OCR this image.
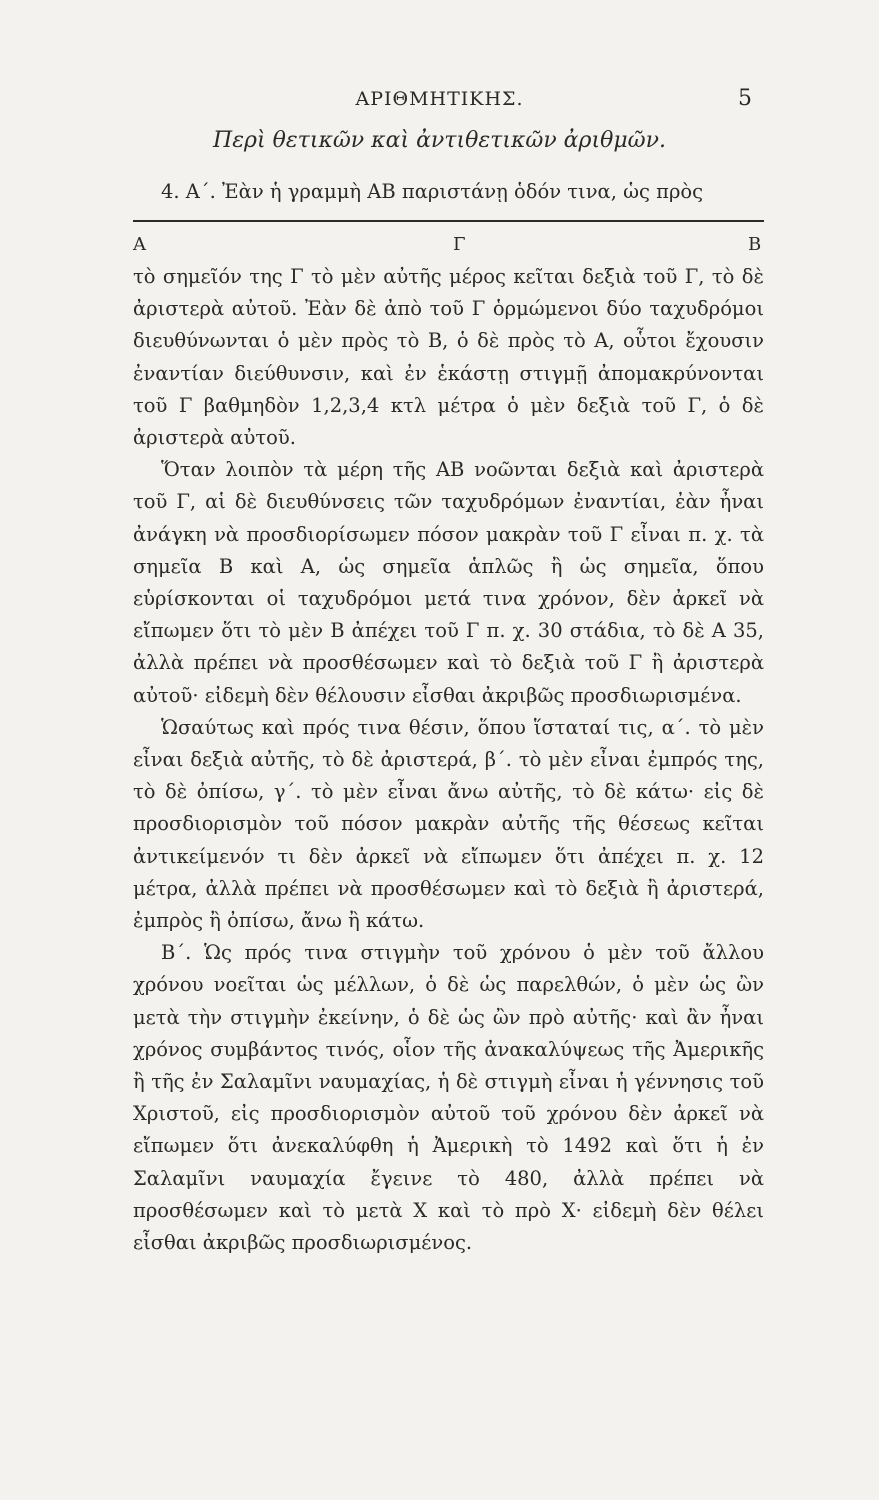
ΑΡΙΘΜΗΤΙΚΗΣ.	5
Περὶ θετικῶν καὶ ἀντιθετικῶν ἀριθμῶν.

4. Α΄. Ἐὰν ἡ γραμμὴ ΑΒ παριστάνῃ ὁδόν τινα, ὡς πρὸς

Α	Γ	Β

τὸ σημεῖόν της Γ τὸ μὲν αὐτῆς μέρος κεῖται δεξιὰ τοῦ Γ, τὸ δὲ ἀριστερὰ αὐτοῦ. Ἐὰν δὲ ἀπὸ τοῦ Γ ὁρμώμενοι δύο ταχυδρόμοι διευθύνωνται ὁ μὲν πρὸς τὸ Β, ὁ δὲ πρὸς τὸ Α, οὗτοι ἔχουσιν ἐναντίαν διεύθυνσιν, καὶ ἐν ἑκάστῃ στιγμῇ ἀπομακρύνονται τοῦ Γ βαθμηδὸν 1,2,3,4 κτλ μέτρα ὁ μὲν δεξιὰ τοῦ Γ, ὁ δὲ ἀριστερὰ αὐτοῦ.

Ὅταν λοιπὸν τὰ μέρη τῆς ΑΒ νοῶνται δεξιὰ καὶ ἀριστερὰ τοῦ Γ, αἱ δὲ διευθύνσεις τῶν ταχυδρόμων ἐναντίαι, ἐὰν ἦναι ἀνάγκη νὰ προσδιορίσωμεν πόσον μακρὰν τοῦ Γ εἶναι π. χ. τὰ σημεῖα Β καὶ Α, ὡς σημεῖα ἁπλῶς ἢ ὡς σημεῖα, ὅπου εὑρίσκονται οἱ ταχυδρόμοι μετά τινα χρόνον, δὲν ἀρκεῖ νὰ εἴπωμεν ὅτι τὸ μὲν Β ἀπέχει τοῦ Γ π. χ. 30 στάδια, τὸ δὲ Α 35, ἀλλὰ πρέπει νὰ προσθέσωμεν καὶ τὸ δεξιὰ τοῦ Γ ἢ ἀριστερὰ αὐτοῦ· εἰδεμὴ δὲν θέλουσιν εἶσθαι ἀκριβῶς προσδιωρισμένα.

Ὡσαύτως καὶ πρός τινα θέσιν, ὅπου ἵσταταί τις, α΄. τὸ μὲν εἶναι δεξιὰ αὐτῆς, τὸ δὲ ἀριστερά, β΄. τὸ μὲν εἶναι ἐμπρός της, τὸ δὲ ὀπίσω, γ΄. τὸ μὲν εἶναι ἄνω αὐτῆς, τὸ δὲ κάτω· εἰς δὲ προσδιορισμὸν τοῦ πόσον μακρὰν αὐτῆς τῆς θέσεως κεῖται ἀντικείμενόν τι δὲν ἀρκεῖ νὰ εἴπωμεν ὅτι ἀπέχει π. χ. 12 μέτρα, ἀλλὰ πρέπει νὰ προσθέσωμεν καὶ τὸ δεξιὰ ἢ ἀριστερά, ἐμπρὸς ἢ ὀπίσω, ἄνω ἢ κάτω.

Β΄. Ὡς πρός τινα στιγμὴν τοῦ χρόνου ὁ μὲν τοῦ ἄλλου χρόνου νοεῖται ὡς μέλλων, ὁ δὲ ὡς παρελθών, ὁ μὲν ὡς ὢν μετὰ τὴν στιγμὴν ἐκείνην, ὁ δὲ ὡς ὢν πρὸ αὐτῆς· καὶ ἂν ἦναι χρόνος συμβάντος τινός, οἷον τῆς ἀνακαλύψεως τῆς Ἀμερικῆς ἢ τῆς ἐν Σαλαμῖνι ναυμαχίας, ἡ δὲ στιγμὴ εἶναι ἡ γέννησις τοῦ Χριστοῦ, εἰς προσδιορισμὸν αὐτοῦ τοῦ χρόνου δὲν ἀρκεῖ νὰ εἴπωμεν ὅτι ἀνεκαλύφθη ἡ Ἀμερικὴ τὸ 1492 καὶ ὅτι ἡ ἐν Σαλαμῖνι ναυμαχία ἔγεινε τὸ 480, ἀλλὰ πρέπει νὰ προσθέσωμεν καὶ τὸ μετὰ Χ καὶ τὸ πρὸ Χ· εἰδεμὴ δὲν θέλει εἶσθαι ἀκριβῶς προσδιωρισμένος.
